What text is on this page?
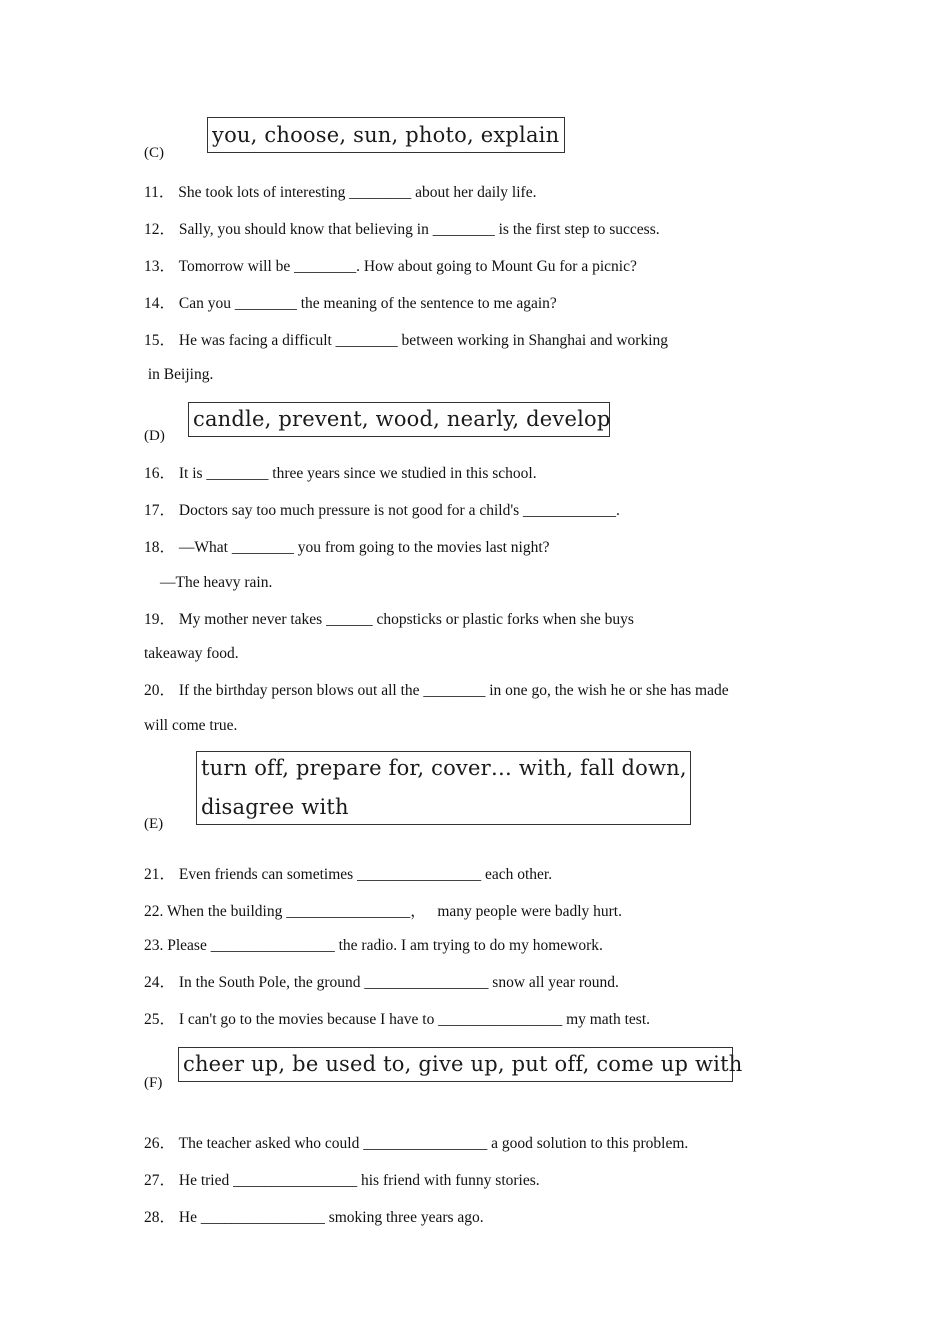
you, choose, sun, photo, explain
(C)
11． She took lots of interesting ________ about her daily life.
12． Sally, you should know that believing in ________ is the first step to success.
13． Tomorrow will be ________. How about going to Mount Gu for a picnic?
14． Can you ________ the meaning of the sentence to me again?
15． He was facing a difficult ________ between working in Shanghai and working
in Beijing.
candle, prevent, wood, nearly, develop
(D)
16． It is ________ three years since we studied in this school.
17． Doctors say too much pressure is not good for a child's ____________.
18． —What ________ you from going to the movies last night?
—The heavy rain.
19． My mother never takes ______ chopsticks or plastic forks when she buys
takeaway food.
20． If the birthday person blows out all the ________ in one go, the wish he or she has made
will come true.
turn off, prepare for, cover… with, fall down,
disagree with
(E)
21． Even friends can sometimes ________________ each other.
22. When the building ________________，   many people were badly hurt.
23. Please ________________ the radio. I am trying to do my homework.
24． In the South Pole, the ground ________________ snow all year round.
25． I can't go to the movies because I have to ________________ my math test.
cheer up, be used to, give up, put off, come up with
(F)
26． The teacher asked who could ________________ a good solution to this problem.
27． He tried ________________ his friend with funny stories.
28． He ________________ smoking three years ago.
